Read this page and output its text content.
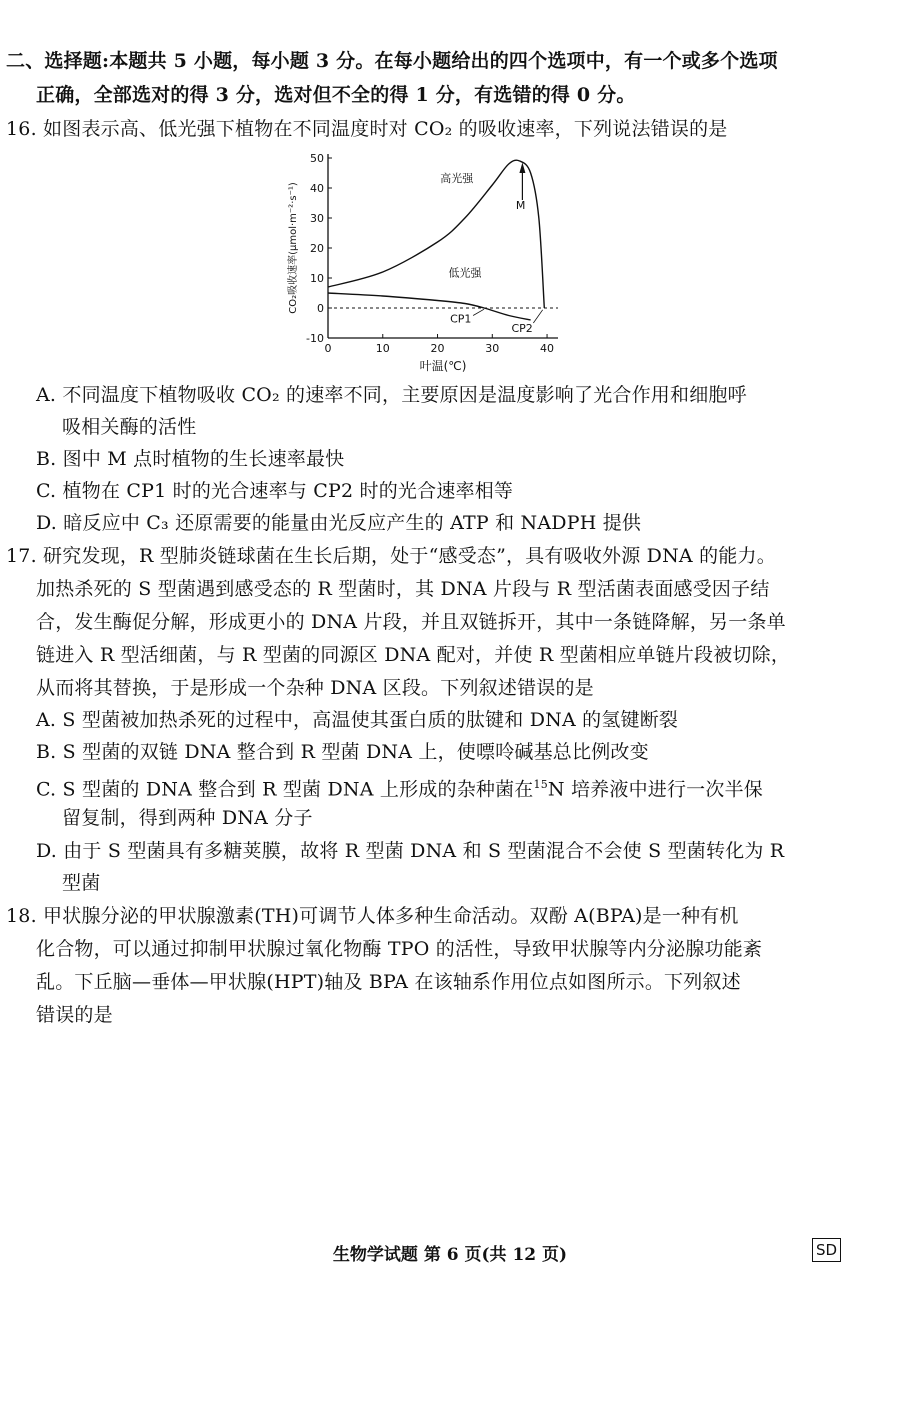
二、选择题:本题共 5 小题，每小题 3 分。在每小题给出的四个选项中，有一个或多个选项
正确，全部选对的得 3 分，选对但不全的得 1 分，有选错的得 0 分。
16. 如图表示高、低光强下植物在不同温度时对 CO₂ 的吸收速率，下列说法错误的是
-10
0
10
20
30
40
50
0	10	20	30	40
叶温(℃)
CO₂吸收速率(μmol·m⁻²·s⁻¹)
高光强
低光强
M
CP1
CP2
A. 不同温度下植物吸收 CO₂ 的速率不同，主要原因是温度影响了光合作用和细胞呼
吸相关酶的活性
B. 图中 M 点时植物的生长速率最快
C. 植物在 CP1 时的光合速率与 CP2 时的光合速率相等
D. 暗反应中 C₃ 还原需要的能量由光反应产生的 ATP 和 NADPH 提供
17. 研究发现，R 型肺炎链球菌在生长后期，处于“感受态”，具有吸收外源 DNA 的能力。
加热杀死的 S 型菌遇到感受态的 R 型菌时，其 DNA 片段与 R 型活菌表面感受因子结
合，发生酶促分解，形成更小的 DNA 片段，并且双链拆开，其中一条链降解，另一条单
链进入 R 型活细菌，与 R 型菌的同源区 DNA 配对，并使 R 型菌相应单链片段被切除，
从而将其替换，于是形成一个杂种 DNA 区段。下列叙述错误的是
A. S 型菌被加热杀死的过程中，高温使其蛋白质的肽键和 DNA 的氢键断裂
B. S 型菌的双链 DNA 整合到 R 型菌 DNA 上，使嘌呤碱基总比例改变
C. S 型菌的 DNA 整合到 R 型菌 DNA 上形成的杂种菌在$^{15}$N 培养液中进行一次半保
留复制，得到两种 DNA 分子
D. 由于 S 型菌具有多糖荚膜，故将 R 型菌 DNA 和 S 型菌混合不会使 S 型菌转化为 R
型菌
18. 甲状腺分泌的甲状腺激素(TH)可调节人体多种生命活动。双酚 A(BPA)是一种有机
化合物，可以通过抑制甲状腺过氧化物酶 TPO 的活性，导致甲状腺等内分泌腺功能紊
乱。下丘脑—垂体—甲状腺(HPT)轴及 BPA 在该轴系作用位点如图所示。下列叙述
错误的是
生物学试题 第 6 页(共 12 页)	SD
